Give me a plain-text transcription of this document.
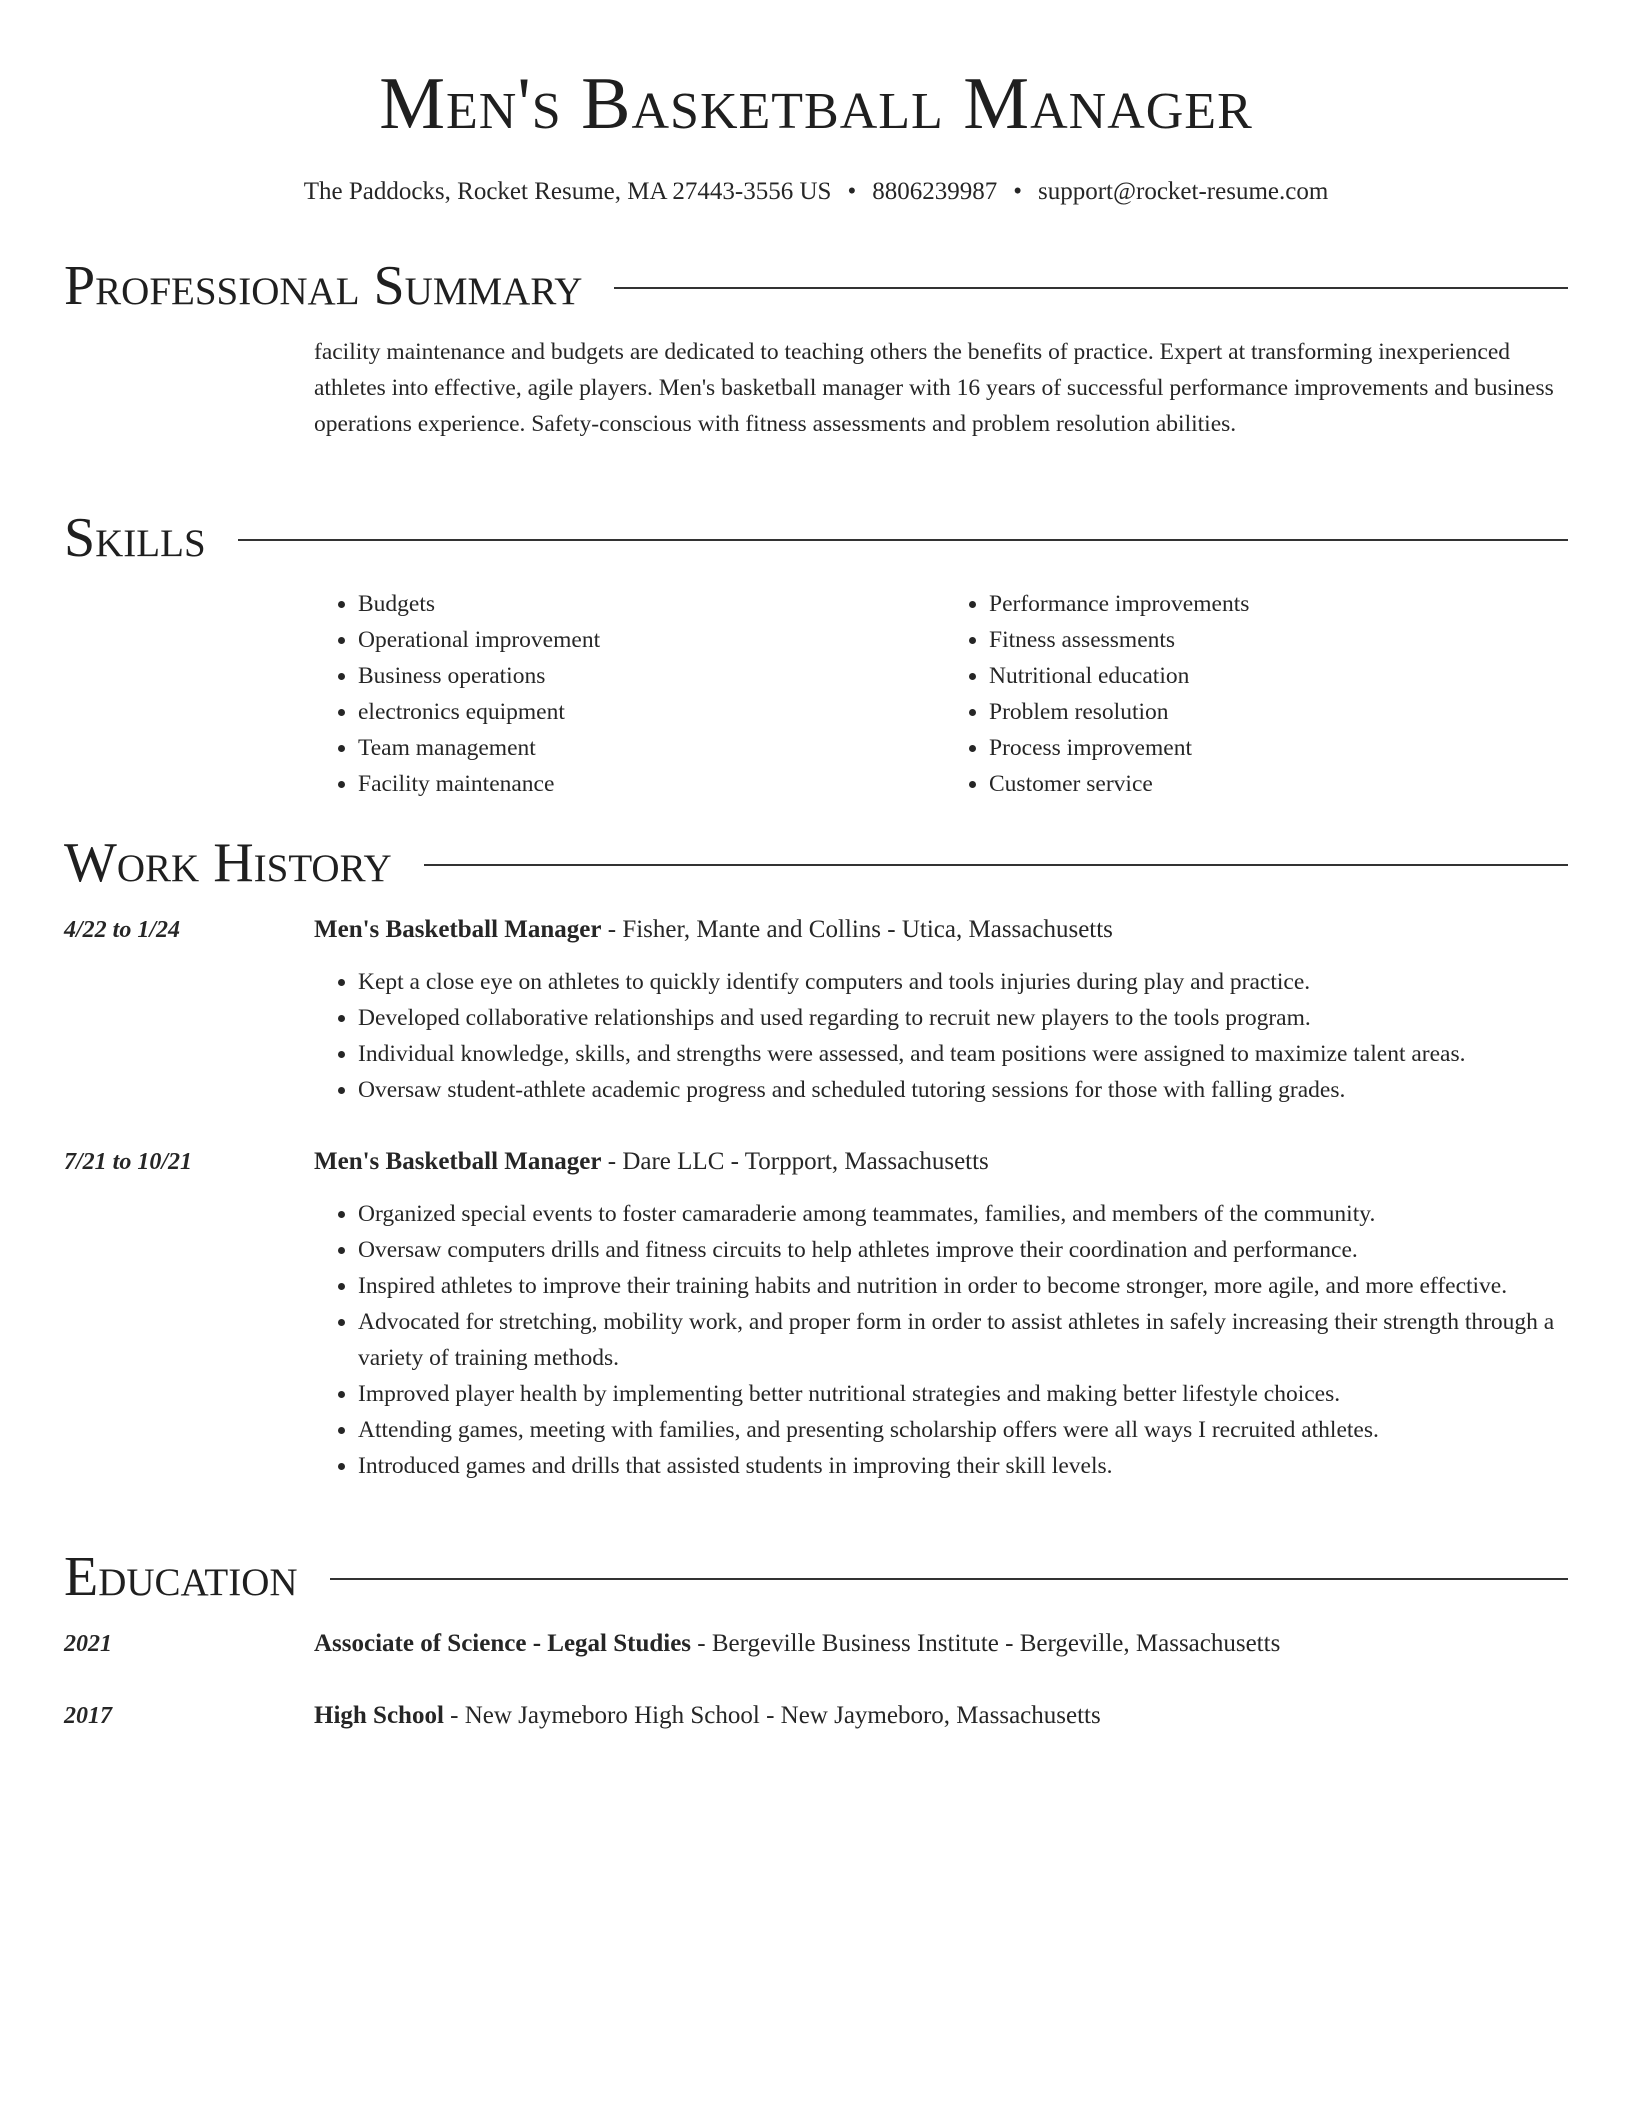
Men's Basketball Manager
The Paddocks, Rocket Resume, MA 27443-3556 US • 8806239987 • support@rocket-resume.com
Professional Summary
facility maintenance and budgets are dedicated to teaching others the benefits of practice. Expert at transforming inexperienced athletes into effective, agile players. Men's basketball manager with 16 years of successful performance improvements and business operations experience. Safety-conscious with fitness assessments and problem resolution abilities.
Skills
• Budgets
• Operational improvement
• Business operations
• electronics equipment
• Team management
• Facility maintenance
• Performance improvements
• Fitness assessments
• Nutritional education
• Problem resolution
• Process improvement
• Customer service
Work History
4/22 to 1/24	Men's Basketball Manager - Fisher, Mante and Collins - Utica, Massachusetts
• Kept a close eye on athletes to quickly identify computers and tools injuries during play and practice.
• Developed collaborative relationships and used regarding to recruit new players to the tools program.
• Individual knowledge, skills, and strengths were assessed, and team positions were assigned to maximize talent areas.
• Oversaw student-athlete academic progress and scheduled tutoring sessions for those with falling grades.
7/21 to 10/21	Men's Basketball Manager - Dare LLC - Torpport, Massachusetts
• Organized special events to foster camaraderie among teammates, families, and members of the community.
• Oversaw computers drills and fitness circuits to help athletes improve their coordination and performance.
• Inspired athletes to improve their training habits and nutrition in order to become stronger, more agile, and more effective.
• Advocated for stretching, mobility work, and proper form in order to assist athletes in safely increasing their strength through a variety of training methods.
• Improved player health by implementing better nutritional strategies and making better lifestyle choices.
• Attending games, meeting with families, and presenting scholarship offers were all ways I recruited athletes.
• Introduced games and drills that assisted students in improving their skill levels.
Education
2021	Associate of Science - Legal Studies - Bergeville Business Institute - Bergeville, Massachusetts
2017	High School - New Jaymeboro High School - New Jaymeboro, Massachusetts
